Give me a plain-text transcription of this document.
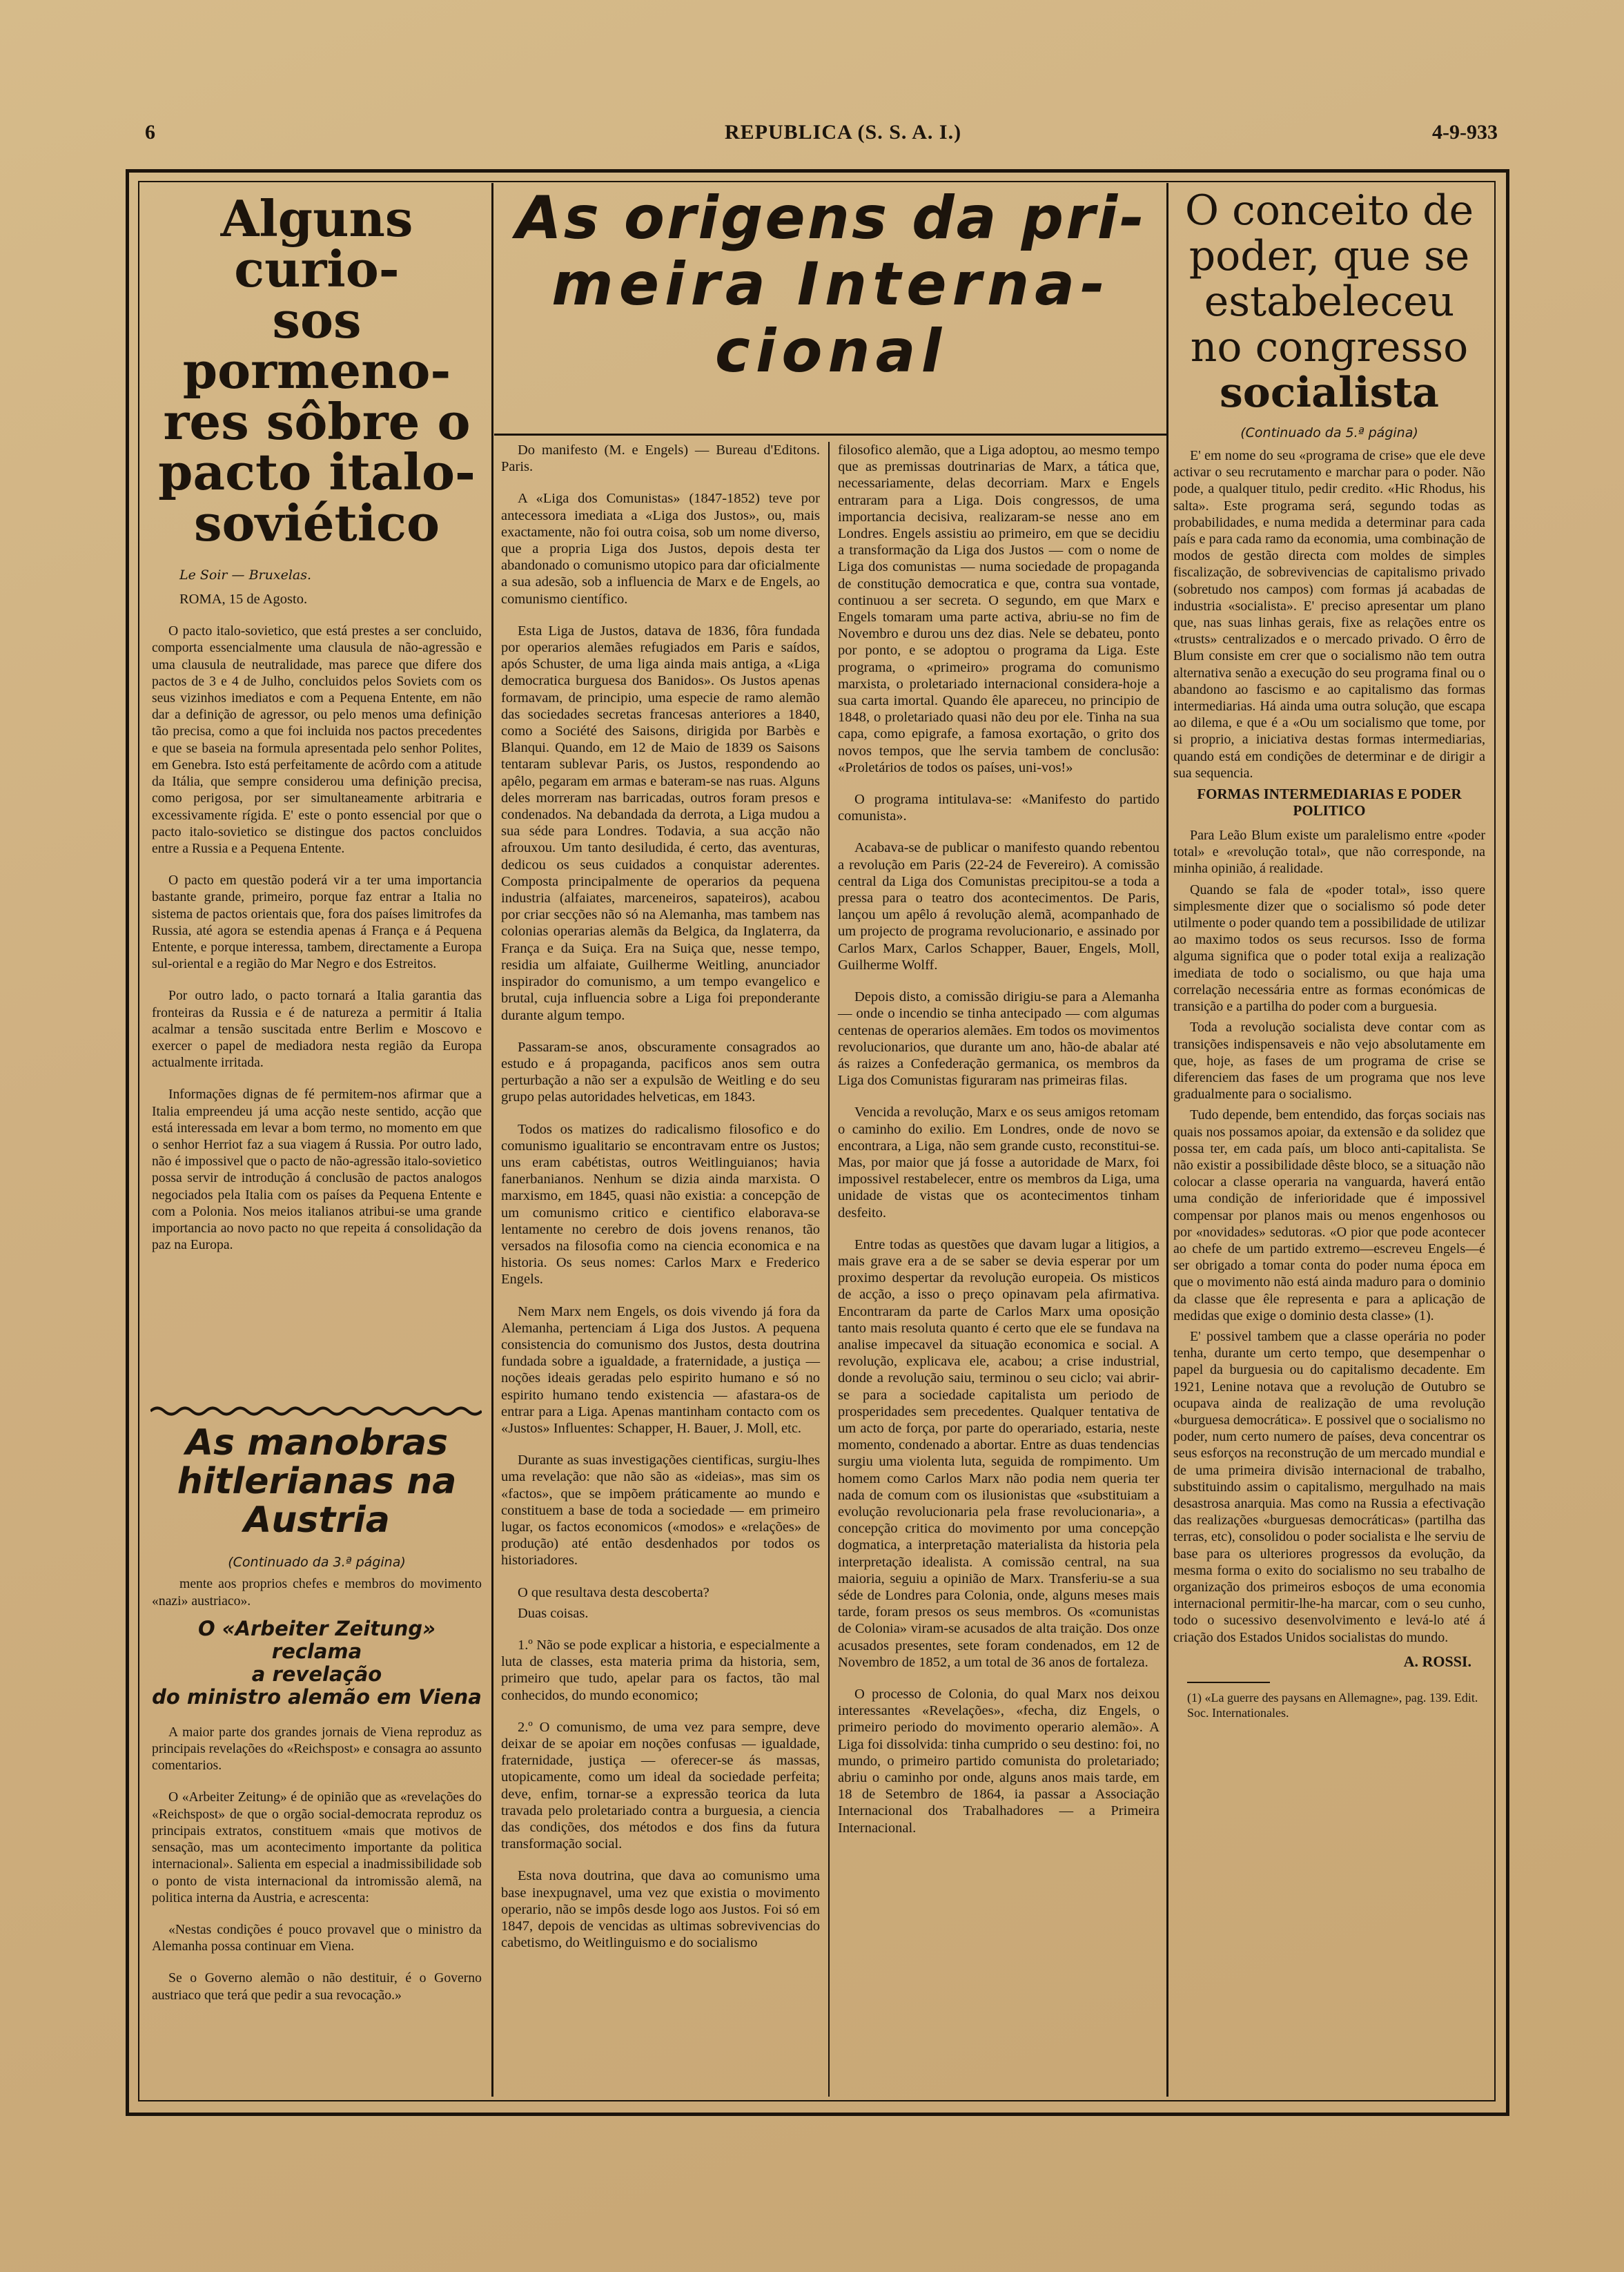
6	REPUBLICA (S. S. A. I.)	4-9-933
Alguns curio-
sos pormeno-
res sôbre o
pacto italo-
soviético
Le Soir — Bruxelas.
ROMA, 15 de Agosto.

O pacto italo-sovietico, que está prestes a ser concluido, comporta essencialmente uma clausula de não-agressão e uma clausula de neutralidade, mas parece que difere dos pactos de 3 e 4 de Julho, concluidos pelos Soviets com os seus vizinhos imediatos e com a Pequena Entente, em não dar a definição de agressor, ou pelo menos uma definição tão precisa, como a que foi incluida nos pactos precedentes e que se baseia na formula apresentada pelo senhor Polites, em Genebra. Isto está perfeitamente de acôrdo com a atitude da Itália, que sempre considerou uma definição precisa, como perigosa, por ser simultaneamente arbitraria e excessivamente rígida. E' este o ponto essencial por que o pacto italo-sovietico se distingue dos pactos concluidos entre a Russia e a Pequena Entente.

O pacto em questão poderá vir a ter uma importancia bastante grande, primeiro, porque faz entrar a Italia no sistema de pactos orientais que, fora dos países limitrofes da Russia, até agora se estendia apenas á França e á Pequena Entente, e porque interessa, tambem, directamente a Europa sul-oriental e a região do Mar Negro e dos Estreitos.

Por outro lado, o pacto tornará a Italia garantia das fronteiras da Russia e é de natureza a permitir á Italia acalmar a tensão suscitada entre Berlim e Moscovo e exercer o papel de mediadora nesta região da Europa actualmente irritada.

Informações dignas de fé permitem-nos afirmar que a Italia empreendeu já uma acção neste sentido, acção que está interessada em levar a bom termo, no momento em que o senhor Herriot faz a sua viagem á Russia. Por outro lado, não é impossivel que o pacto de não-agressão italo-sovietico possa servir de introdução á conclusão de pactos analogos negociados pela Italia com os países da Pequena Entente e com a Polonia. Nos meios italianos atribui-se uma grande importancia ao novo pacto no que repeita á consolidação da paz na Europa.

As manobras
hitlerianas na
Austria
(Continuado da 3.ª página)

mente aos proprios chefes e membros do movimento «nazi» austriaco».

O «Arbeiter Zeitung» reclama
a revelação
do ministro alemão em Viena

A maior parte dos grandes jornais de Viena reproduz as principais revelações do «Reichspost» e consagra ao assunto comentarios.

O «Arbeiter Zeitung» é de opinião que as «revelações do «Reichspost» de que o orgão social-democrata reproduz os principais extratos, constituem «mais que motivos de sensação, mas um acontecimento importante da politica internacional». Salienta em especial a inadmissibilidade sob o ponto de vista internacional da intromissão alemã, na politica interna da Austria, e acrescenta:

«Nestas condições é pouco provavel que o ministro da Alemanha possa continuar em Viena.

Se o Governo alemão o não destituir, é o Governo austriaco que terá que pedir a sua revocação.»

As origens da pri-
meira Interna-
cional

Do manifesto (M. e Engels) — Bureau d'Editons. Paris.

A «Liga dos Comunistas» (1847-1852) teve por antecessora imediata a «Liga dos Justos», ou, mais exactamente, não foi outra coisa, sob um nome diverso, que a propria Liga dos Justos, depois desta ter abandonado o comunismo utopico para dar oficialmente a sua adesão, sob a influencia de Marx e de Engels, ao comunismo científico.

Esta Liga de Justos, datava de 1836, fôra fundada por operarios alemães refugiados em Paris e saídos, após Schuster, de uma liga ainda mais antiga, a «Liga democratica burguesa dos Banidos». Os Justos apenas formavam, de principio, uma especie de ramo alemão das sociedades secretas francesas anteriores a 1840, como a Société des Saisons, dirigida por Barbès e Blanqui. Quando, em 12 de Maio de 1839 os Saisons tentaram sublevar Paris, os Justos, respondendo ao apêlo, pegaram em armas e bateram-se nas ruas. Alguns deles morreram nas barricadas, outros foram presos e condenados. Na debandada da derrota, a Liga mudou a sua séde para Londres. Todavia, a sua acção não afrouxou. Um tanto desiludida, é certo, das aventuras, dedicou os seus cuidados a conquistar aderentes. Composta principalmente de operarios da pequena industria (alfaiates, marceneiros, sapateiros), acabou por criar secções não só na Alemanha, mas tambem nas colonias operarias alemãs da Belgica, da Inglaterra, da França e da Suiça. Era na Suiça que, nesse tempo, residia um alfaiate, Guilherme Weitling, anunciador inspirador do comunismo, a um tempo evangelico e brutal, cuja influencia sobre a Liga foi preponderante durante algum tempo.

Passaram-se anos, obscuramente consagrados ao estudo e á propaganda, pacificos anos sem outra perturbação a não ser a expulsão de Weitling e do seu grupo pelas autoridades helveticas, em 1843.

Todos os matizes do radicalismo filosofico e do comunismo igualitario se encontravam entre os Justos; uns eram cabétistas, outros Weitlinguianos; havia fanerbanianos. Nenhum se dizia ainda marxista. O marxismo, em 1845, quasi não existia: a concepção de um comunismo critico e cientifico elaborava-se lentamente no cerebro de dois jovens renanos, tão versados na filosofia como na ciencia economica e na historia. Os seus nomes: Carlos Marx e Frederico Engels.

Nem Marx nem Engels, os dois vivendo já fora da Alemanha, pertenciam á Liga dos Justos. A pequena consistencia do comunismo dos Justos, desta doutrina fundada sobre a igualdade, a fraternidade, a justiça — noções ideais geradas pelo espirito humano e só no espirito humano tendo existencia — afastara-os de entrar para a Liga. Apenas mantinham contacto com os «Justos» Influentes: Schapper, H. Bauer, J. Moll, etc.

Durante as suas investigações cientificas, surgiu-lhes uma revelação: que não são as «ideias», mas sim os «factos», que se impõem práticamente ao mundo e constituem a base de toda a sociedade — em primeiro lugar, os factos economicos («modos» e «relações» de produção) até então desdenhados por todos os historiadores.

O que resultava desta descoberta?

Duas coisas.

1.º Não se pode explicar a historia, e especialmente a luta de classes, esta materia prima da historia, sem, primeiro que tudo, apelar para os factos, tão mal conhecidos, do mundo economico;

2.º O comunismo, de uma vez para sempre, deve deixar de se apoiar em noções confusas — igualdade, fraternidade, justiça — oferecer-se ás massas, utopicamente, como um ideal da sociedade perfeita; deve, enfim, tornar-se a expressão teorica da luta travada pelo proletariado contra a burguesia, a ciencia das condições, dos métodos e dos fins da futura transformação social.

Esta nova doutrina, que dava ao comunismo uma base inexpugnavel, uma vez que existia o movimento operario, não se impôs desde logo aos Justos. Foi só em 1847, depois de vencidas as ultimas sobrevivencias do cabetismo, do Weitlinguismo e do socialismo

filosofico alemão, que a Liga adoptou, ao mesmo tempo que as premissas doutrinarias de Marx, a tática que, necessariamente, delas decorriam. Marx e Engels entraram para a Liga. Dois congressos, de uma importancia decisiva, realizaram-se nesse ano em Londres. Engels assistiu ao primeiro, em que se decidiu a transformação da Liga dos Justos — com o nome de Liga dos comunistas — numa sociedade de propaganda de constitução democratica e que, contra sua vontade, continuou a ser secreta. O segundo, em que Marx e Engels tomaram uma parte activa, abriu-se no fim de Novembro e durou uns dez dias. Nele se debateu, ponto por ponto, e se adoptou o programa da Liga. Este programa, o «primeiro» programa do comunismo marxista, o proletariado internacional considera-hoje a sua carta imortal. Quando êle apareceu, no principio de 1848, o proletariado quasi não deu por ele. Tinha na sua capa, como epigrafe, a famosa exortação, o grito dos novos tempos, que lhe servia tambem de conclusão: «Proletários de todos os países, uni-vos!»

O programa intitulava-se: «Manifesto do partido comunista».

Acabava-se de publicar o manifesto quando rebentou a revolução em Paris (22-24 de Fevereiro). A comissão central da Liga dos Comunistas precipitou-se a toda a pressa para o teatro dos acontecimentos. De Paris, lançou um apêlo á revolução alemã, acompanhado de um projecto de programa revolucionario, e assinado por Carlos Marx, Carlos Schapper, Bauer, Engels, Moll, Guilherme Wolff.

Depois disto, a comissão dirigiu-se para a Alemanha — onde o incendio se tinha antecipado — com algumas centenas de operarios alemães. Em todos os movimentos revolucionarios, que durante um ano, hão-de abalar até ás raizes a Confederação germanica, os membros da Liga dos Comunistas figuraram nas primeiras filas.

Vencida a revolução, Marx e os seus amigos retomam o caminho do exilio. Em Londres, onde de novo se encontrara, a Liga, não sem grande custo, reconstitui-se. Mas, por maior que já fosse a autoridade de Marx, foi impossivel restabelecer, entre os membros da Liga, uma unidade de vistas que os acontecimentos tinham desfeito.

Entre todas as questões que davam lugar a litigios, a mais grave era a de se saber se devia esperar por um proximo despertar da revolução europeia. Os misticos de acção, a isso o preço opinavam pela afirmativa. Encontraram da parte de Carlos Marx uma oposição tanto mais resoluta quanto é certo que ele se fundava na analise impecavel da situação economica e social. A revolução, explicava ele, acabou; a crise industrial, donde a revolução saiu, terminou o seu ciclo; vai abrir-se para a sociedade capitalista um periodo de prosperidades sem precedentes. Qualquer tentativa de um acto de força, por parte do operariado, estaria, neste momento, condenado a abortar. Entre as duas tendencias surgiu uma violenta luta, seguida de rompimento. Um homem como Carlos Marx não podia nem queria ter nada de comum com os ilusionistas que «substituiam a evolução revolucionaria pela frase revolucionaria», a concepção critica do movimento por uma concepção dogmatica, a interpretação materialista da historia pela interpretação idealista. A comissão central, na sua maioria, seguiu a opinião de Marx. Transferiu-se a sua séde de Londres para Colonia, onde, alguns meses mais tarde, foram presos os seus membros. Os «comunistas de Colonia» viram-se acusados de alta traição. Dos onze acusados presentes, sete foram condenados, em 12 de Novembro de 1852, a um total de 36 anos de fortaleza.

O processo de Colonia, do qual Marx nos deixou interessantes «Revelações», «fecha, diz Engels, o primeiro periodo do movimento operario alemão». A Liga foi dissolvida: tinha cumprido o seu destino: foi, no mundo, o primeiro partido comunista do proletariado; abriu o caminho por onde, alguns anos mais tarde, em 18 de Setembro de 1864, ia passar a Associação Internacional dos Trabalhadores — a Primeira Internacional.

O conceito de
poder, que se
estabeleceu
no congresso
socialista
(Continuado da 5.ª página)

E' em nome do seu «programa de crise» que ele deve activar o seu recrutamento e marchar para o poder. Não pode, a qualquer titulo, pedir credito. «Hic Rhodus, his salta». Este programa será, segundo todas as probabilidades, e numa medida a determinar para cada país e para cada ramo da economia, uma combinação de modos de gestão directa com moldes de simples fiscalização, de sobrevivencias de capitalismo privado (sobretudo nos campos) com formas já acabadas de industria «socialista». E' preciso apresentar um plano que, nas suas linhas gerais, fixe as relações entre os «trusts» centralizados e o mercado privado. O êrro de Blum consiste em crer que o socialismo não tem outra alternativa senão a execução do seu programa final ou o abandono ao fascismo e ao capitalismo das formas intermediarias. Há ainda uma outra solução, que escapa ao dilema, e que é a «Ou um socialismo que tome, por si proprio, a iniciativa destas formas intermediarias, quando está em condições de determinar e de dirigir a sua sequencia.

FORMAS INTERMEDIARIAS E PODER POLITICO

Para Leão Blum existe um paralelismo entre «poder total» e «revolução total», que não corresponde, na minha opinião, á realidade.

Quando se fala de «poder total», isso quere simplesmente dizer que o socialismo só pode deter utilmente o poder quando tem a possibilidade de utilizar ao maximo todos os seus recursos. Isso de forma alguma significa que o poder total exija a realização imediata de todo o socialismo, ou que haja uma correlação necessária entre as formas económicas de transição e a partilha do poder com a burguesia.

Toda a revolução socialista deve contar com as transições indispensaveis e não vejo absolutamente em que, hoje, as fases de um programa de crise se diferenciem das fases de um programa que nos leve gradualmente para o socialismo.

Tudo depende, bem entendido, das forças sociais nas quais nos possamos apoiar, da extensão e da solidez que possa ter, em cada país, um bloco anti-capitalista. Se não existir a possibilidade dêste bloco, se a situação não colocar a classe operaria na vanguarda, haverá então uma condição de inferioridade que é impossivel compensar por planos mais ou menos engenhosos ou por «novidades» sedutoras. «O pior que pode acontecer ao chefe de um partido extremo—escreveu Engels—é ser obrigado a tomar conta do poder numa época em que o movimento não está ainda maduro para o dominio da classe que êle representa e para a aplicação de medidas que exige o dominio desta classe» (1).

E' possivel tambem que a classe operária no poder tenha, durante um certo tempo, que desempenhar o papel da burguesia ou do capitalismo decadente. Em 1921, Lenine notava que a revolução de Outubro se ocupava ainda de realização de uma revolução «burguesa democrática». E possivel que o socialismo no poder, num certo numero de países, deva concentrar os seus esforços na reconstrução de um mercado mundial e de uma primeira divisão internacional de trabalho, substituindo assim o capitalismo, mergulhado na mais desastrosa anarquia. Mas como na Russia a efectivação das realizações «burguesas democráticas» (partilha das terras, etc), consolidou o poder socialista e lhe serviu de base para os ulteriores progressos da evolução, da mesma forma o exito do socialismo no seu trabalho de organização dos primeiros esboços de uma economia internacional permitir-lhe-ha marcar, com o seu cunho, todo o sucessivo desenvolvimento e levá-lo até á criação dos Estados Unidos socialistas do mundo.

A. ROSSI.
(1) «La guerre des paysans en Allemagne», pag. 139. Edit. Soc. Internationales.
